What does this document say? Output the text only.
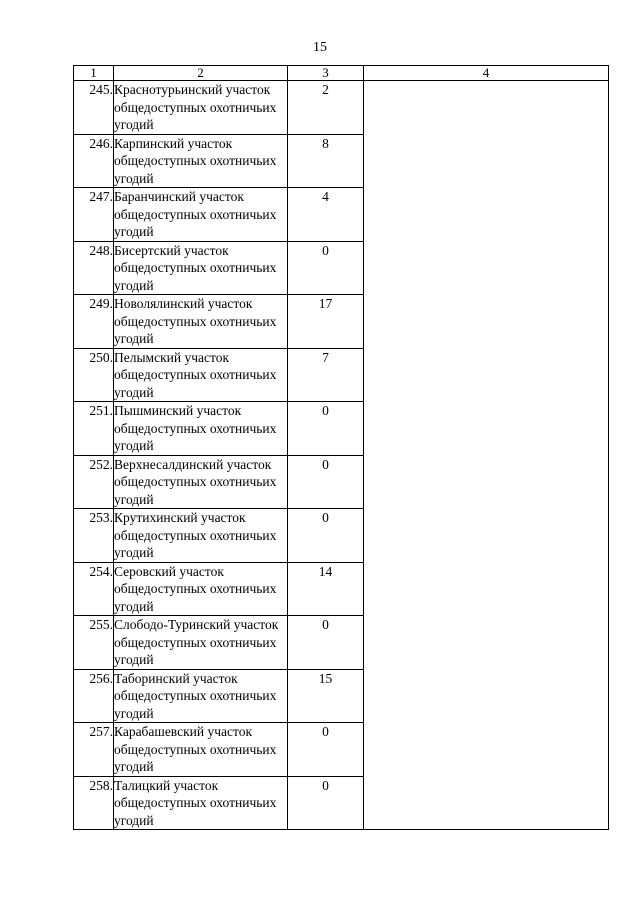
15
1	2	3	4
245.	Краснотурьинский участок общедоступных охотничьих угодий	2	
246.	Карпинский участок общедоступных охотничьих угодий	8	
247.	Баранчинский участок общедоступных охотничьих угодий	4	
248.	Бисертский участок общедоступных охотничьих угодий	0	
249.	Новолялинский участок общедоступных охотничьих угодий	17	
250.	Пелымский участок общедоступных охотничьих угодий	7	
251.	Пышминский участок общедоступных охотничьих угодий	0	
252.	Верхнесалдинский участок общедоступных охотничьих угодий	0	
253.	Крутихинский участок общедоступных охотничьих угодий	0	
254.	Серовский участок общедоступных охотничьих угодий	14	
255.	Слободо-Туринский участок общедоступных охотничьих угодий	0	
256.	Таборинский участок общедоступных охотничьих угодий	15	
257.	Карабашевский участок общедоступных охотничьих угодий	0	
258.	Талицкий участок общедоступных охотничьих угодий	0	
